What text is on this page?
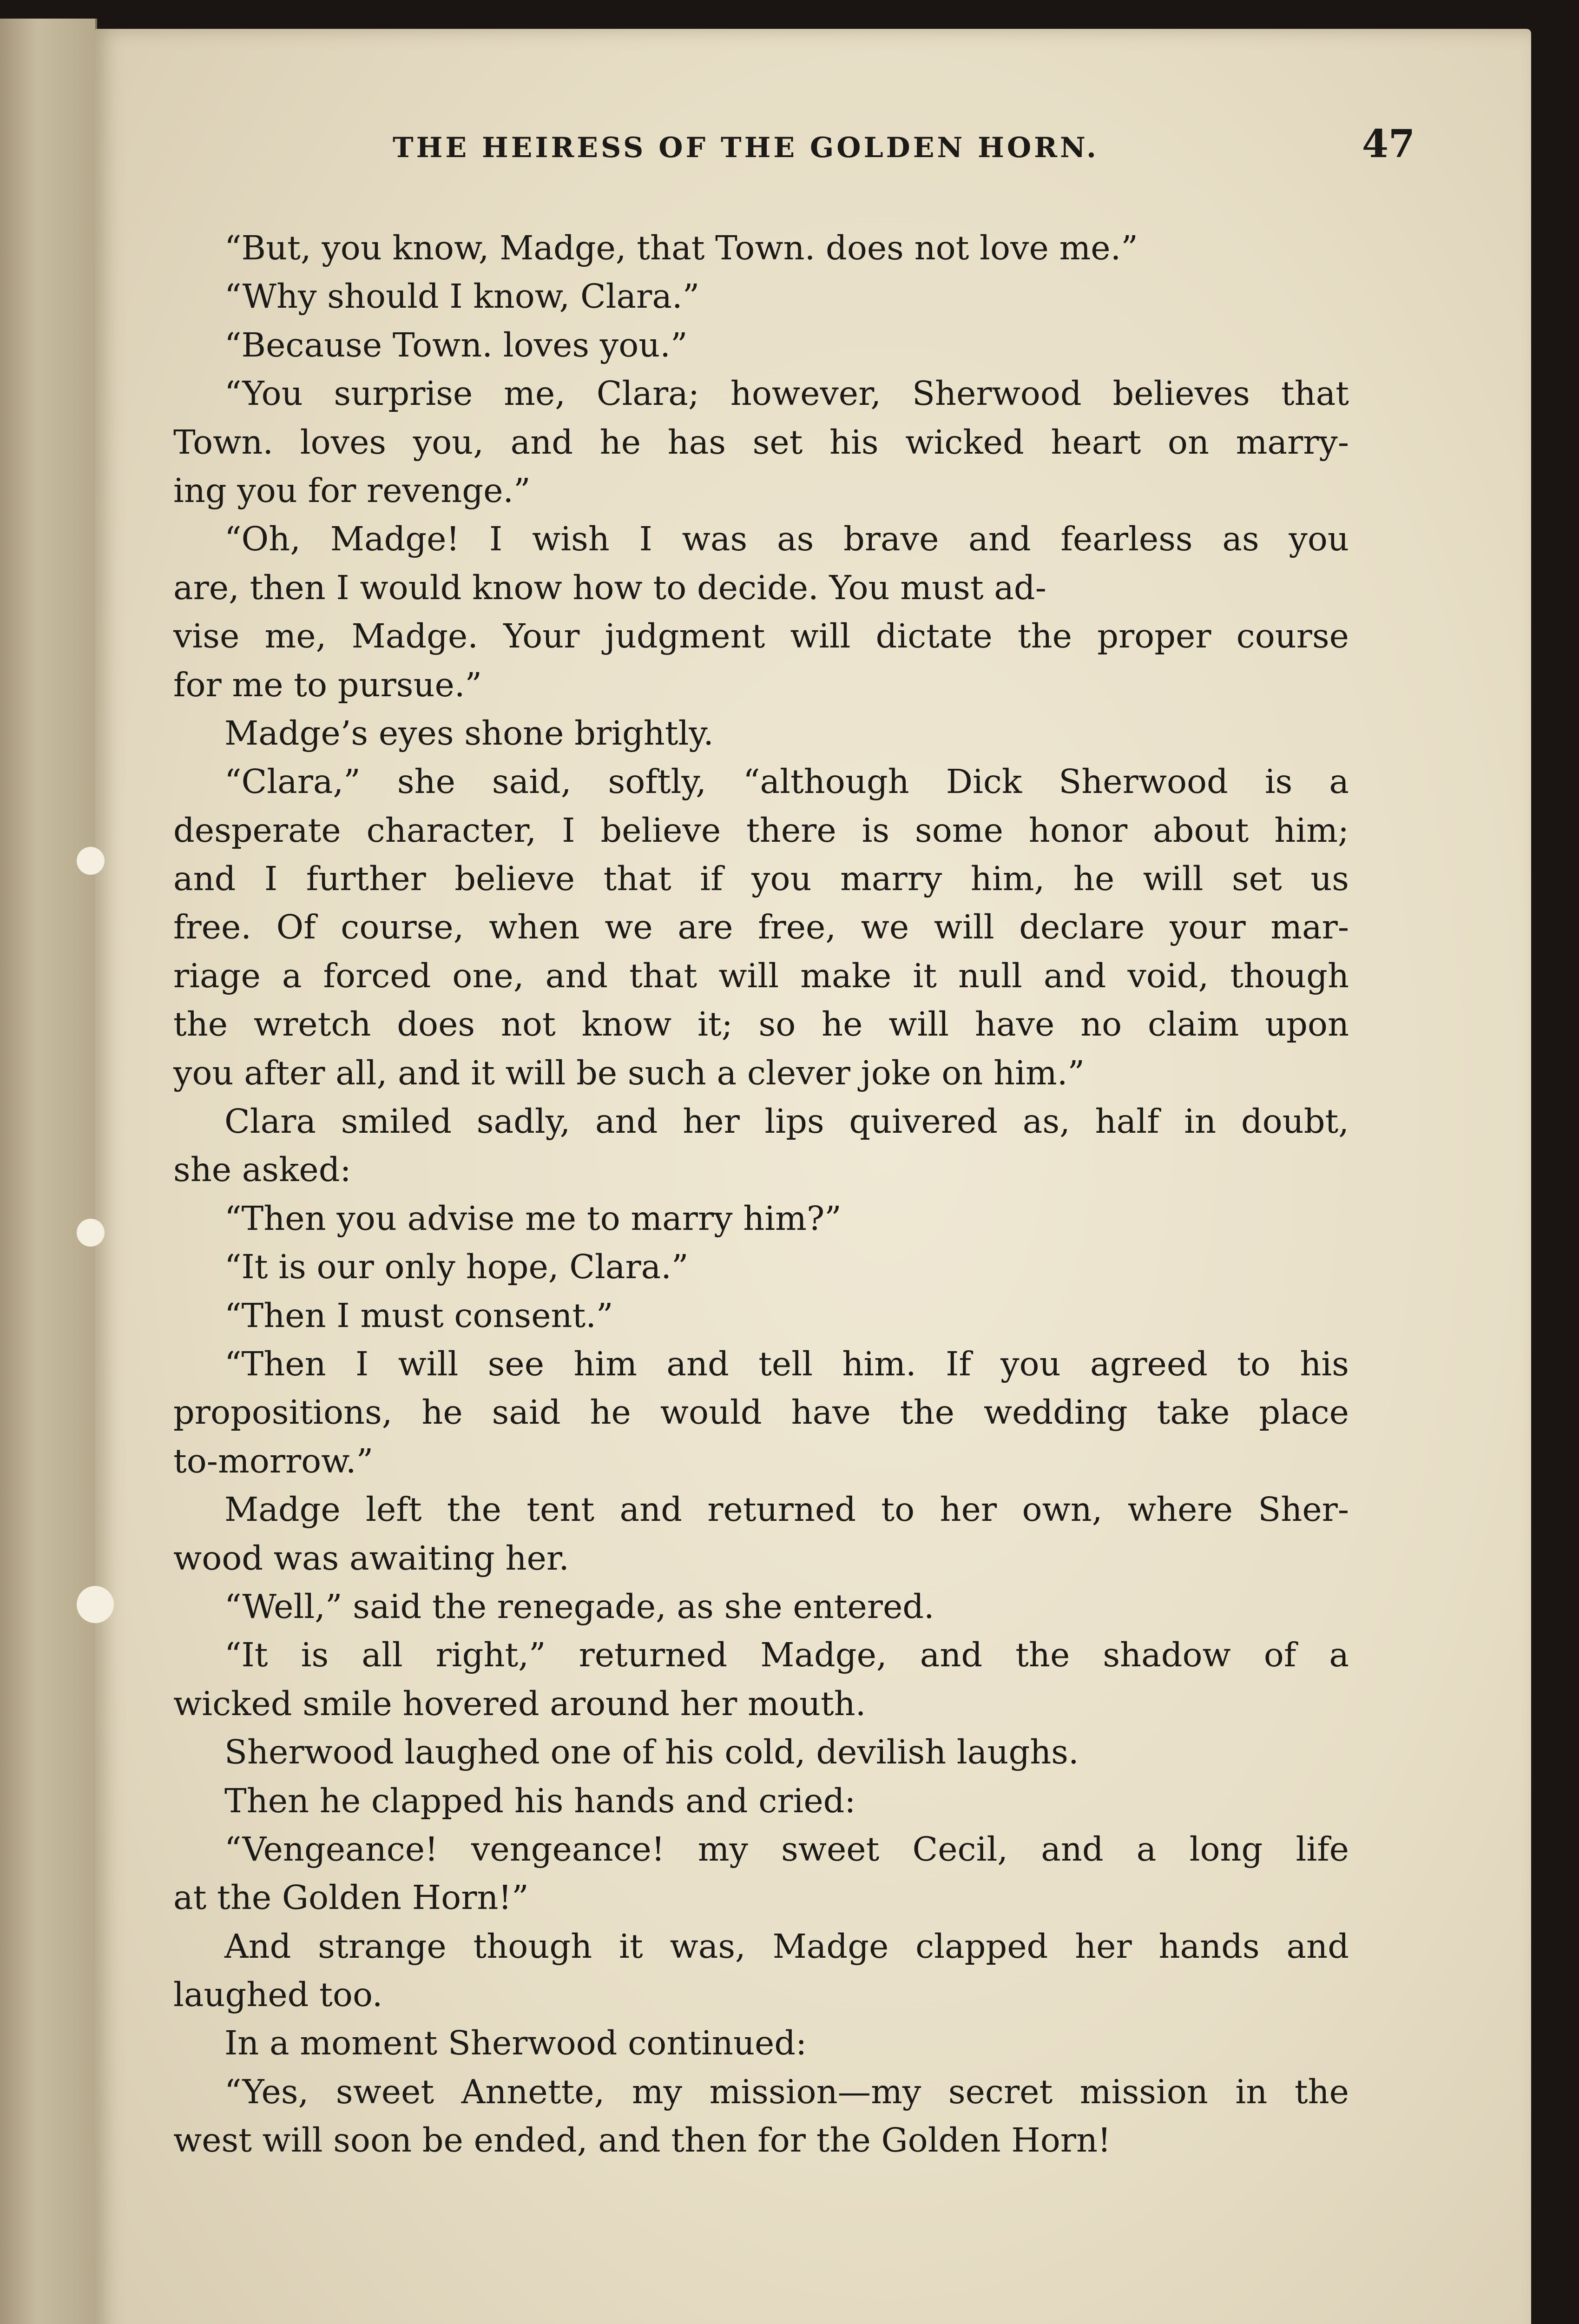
THE HEIRESS OF THE GOLDEN HORN.	47
“But, you know, Madge, that Town. does not love me.”
“Why should I know, Clara.”
“Because Town. loves you.”
“You surprise me, Clara; however, Sherwood believes that
Town. loves you, and he has set his wicked heart on marry-
ing you for revenge.”
“Oh, Madge! I wish I was as brave and fearless as you
are, then I would know how to decide. You must ad-
vise me, Madge. Your judgment will dictate the proper course
for me to pursue.”
Madge’s eyes shone brightly.
“Clara,” she said, softly, “although Dick Sherwood is a
desperate character, I believe there is some honor about him;
and I further believe that if you marry him, he will set us
free. Of course, when we are free, we will declare your mar-
riage a forced one, and that will make it null and void, though
the wretch does not know it; so he will have no claim upon
you after all, and it will be such a clever joke on him.”
Clara smiled sadly, and her lips quivered as, half in doubt,
she asked:
“Then you advise me to marry him?”
“It is our only hope, Clara.”
“Then I must consent.”
“Then I will see him and tell him. If you agreed to his
propositions, he said he would have the wedding take place
to-morrow.”
Madge left the tent and returned to her own, where Sher-
wood was awaiting her.
“Well,” said the renegade, as she entered.
“It is all right,” returned Madge, and the shadow of a
wicked smile hovered around her mouth.
Sherwood laughed one of his cold, devilish laughs.
Then he clapped his hands and cried:
“Vengeance! vengeance! my sweet Cecil, and a long life
at the Golden Horn!”
And strange though it was, Madge clapped her hands and
laughed too.
In a moment Sherwood continued:
“Yes, sweet Annette, my mission—my secret mission in the
west will soon be ended, and then for the Golden Horn!
